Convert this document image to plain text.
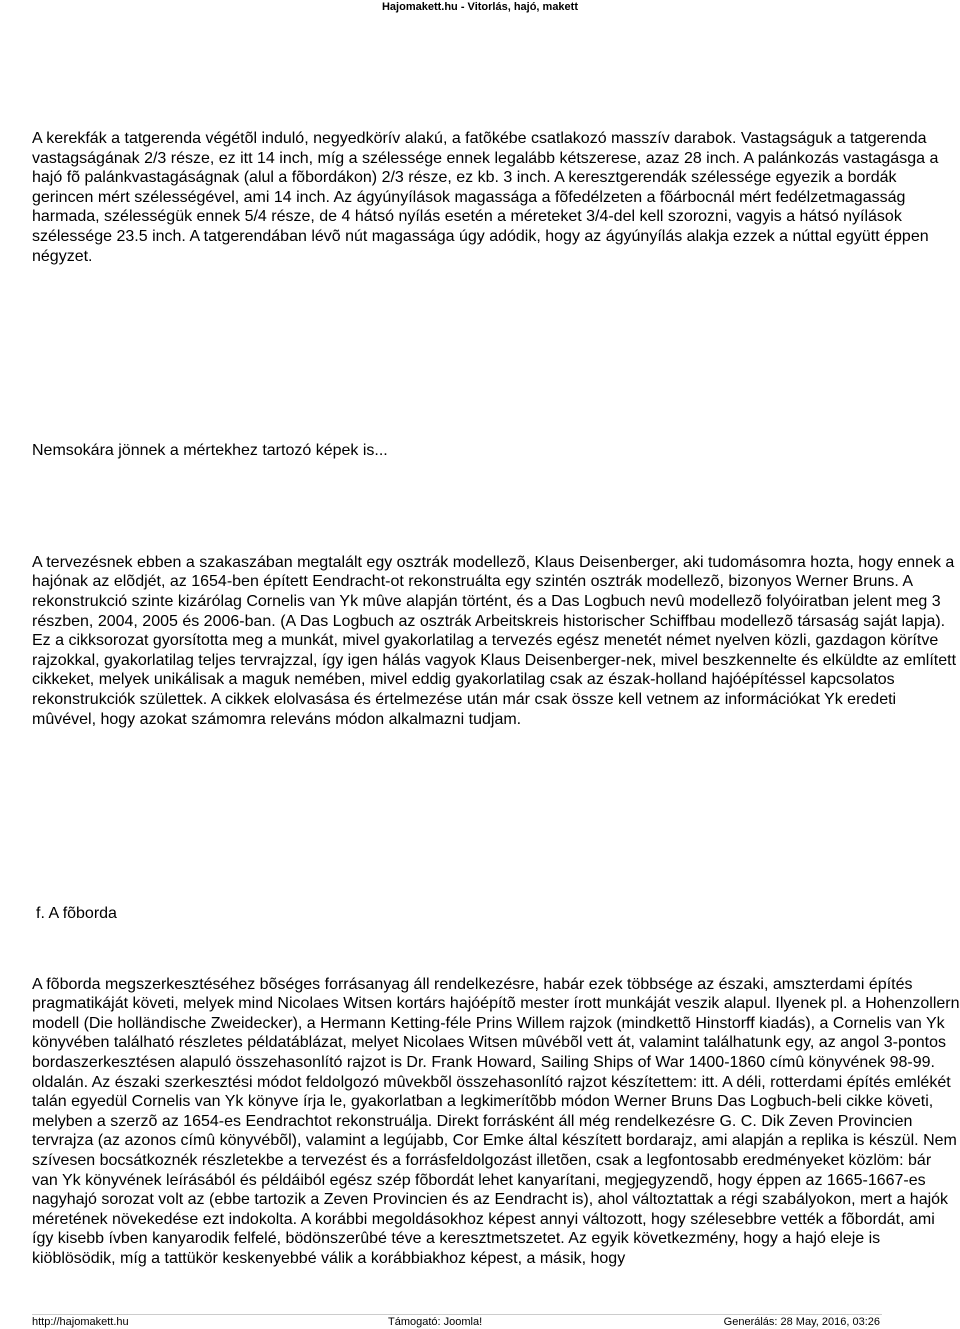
Hajomakett.hu - Vitorlás, hajó, makett

A kerekfák a tatgerenda végétõl induló, negyedkörív alakú, a fatõkébe csatlakozó masszív darabok. Vastagságuk a tatgerenda vastagságának 2/3 része, ez itt 14 inch, míg a szélessége ennek legalább kétszerese, azaz 28 inch. A palánkozás vastagásga a hajó fõ palánkvastagáságnak (alul a fõbordákon) 2/3 része, ez kb. 3 inch. A keresztgerendák szélessége egyezik a bordák gerincen mért szélességével, ami 14 inch. Az ágyúnyílások magassága a fõfedélzeten a fõárbocnál mért fedélzetmagasság harmada, szélességük ennek 5/4 része, de 4 hátsó nyílás esetén a méreteket 3/4-del kell szorozni, vagyis a hátsó nyílások szélessége 23.5 inch. A tatgerendában lévõ nút magassága úgy adódik, hogy az ágyúnyílás alakja ezzek a núttal együtt éppen négyzet.

Nemsokára jönnek a mértekhez tartozó képek is...

A tervezésnek ebben a szakaszában megtalált egy osztrák modellezõ, Klaus Deisenberger, aki tudomásomra hozta, hogy ennek a hajónak az elõdjét, az 1654-ben épített Eendracht-ot rekonstruálta egy szintén osztrák modellezõ, bizonyos Werner Bruns. A rekonstrukció szinte kizárólag Cornelis van Yk mûve alapján történt, és a Das Logbuch nevû modellezõ folyóiratban jelent meg 3 részben, 2004, 2005 és 2006-ban. (A Das Logbuch az osztrák Arbeitskreis historischer Schiffbau modellezõ társaság saját lapja). Ez a cikksorozat gyorsította meg a munkát, mivel gyakorlatilag a tervezés egész menetét német nyelven közli, gazdagon körítve rajzokkal, gyakorlatilag teljes tervrajzzal, így igen hálás vagyok Klaus Deisenberger-nek, mivel beszkennelte és elküldte az említett cikkeket, melyek unikálisak a maguk nemében, mivel eddig gyakorlatilag csak az észak-holland hajóépítéssel kapcsolatos rekonstrukciók születtek. A cikkek elolvasása és értelmezése után már csak össze kell vetnem az információkat Yk eredeti mûvével, hogy azokat számomra releváns módon alkalmazni tudjam.

f. A fõborda

A fõborda megszerkesztéséhez bõséges forrásanyag áll rendelkezésre, habár ezek többsége az északi, amszterdami építés pragmatikáját követi, melyek mind Nicolaes Witsen kortárs hajóépítõ mester írott munkáját veszik alapul. Ilyenek pl. a Hohenzollern modell (Die holländische Zweidecker), a Hermann Ketting-féle Prins Willem rajzok (mindkettõ Hinstorff kiadás), a Cornelis van Yk könyvében található részletes példatáblázat, melyet Nicolaes Witsen mûvébõl vett át, valamint találhatunk egy, az angol 3-pontos bordaszerkesztésen alapuló összehasonlító rajzot is Dr. Frank Howard, Sailing Ships of War 1400-1860 címû könyvének 98-99. oldalán. Az északi szerkesztési módot feldolgozó mûvekbõl összehasonlító rajzot készítettem: itt. A déli, rotterdami építés emlékét talán egyedül Cornelis van Yk könyve írja le, gyakorlatban a legkimerítõbb módon Werner Bruns Das Logbuch-beli cikke követi, melyben a szerzõ az 1654-es Eendrachtot rekonstruálja. Direkt forrásként áll még rendelkezésre G. C. Dik Zeven Provincien tervrajza (az azonos címû könyvébõl), valamint a legújabb, Cor Emke által készített bordarajz, ami alapján a replika is készül. Nem szívesen bocsátkoznék részletekbe a tervezést és a forrásfeldolgozást illetõen, csak a legfontosabb eredményeket közlöm: bár van Yk könyvének leírásából és példáiból egész szép fõbordát lehet kanyarítani, megjegyzendõ, hogy éppen az 1665-1667-es nagyhajó sorozat volt az (ebbe tartozik a Zeven Provincien és az Eendracht is), ahol változtattak a régi szabályokon, mert a hajók méretének növekedése ezt indokolta. A korábbi megoldásokhoz képest annyi változott, hogy szélesebbre vették a fõbordát, ami így kisebb ívben kanyarodik felfelé, bödönszerûbé téve a keresztmetszetet. Az egyik következmény, hogy a hajó eleje is kiöblösödik, míg a tattükör keskenyebbé válik a korábbiakhoz képest, a másik, hogy

http://hajomakett.hu	Támogató: Joomla!	Generálás: 28 May, 2016, 03:26
